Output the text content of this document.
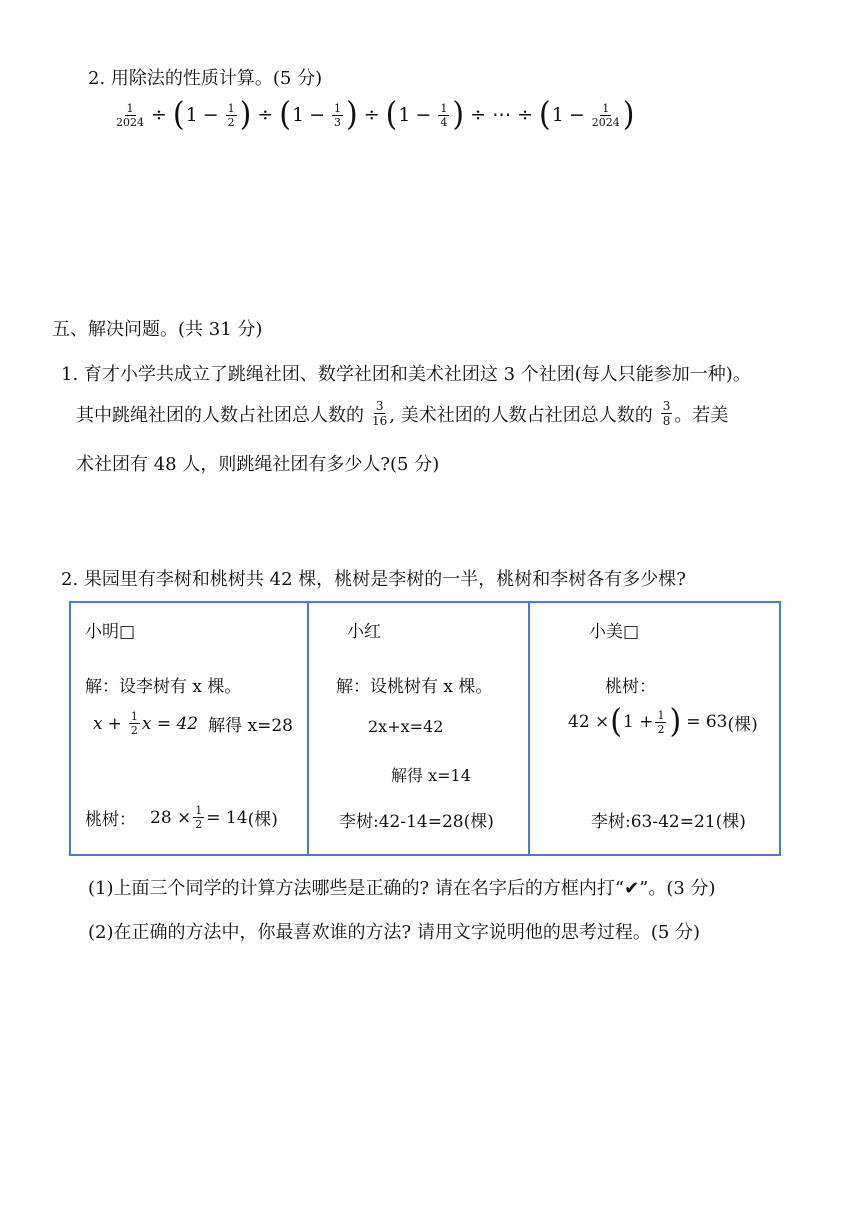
2. 用除法的性质计算。(5 分)
$\frac{1}{2024}$ ÷ ( $1 - \frac{1}{2}$ ) ÷ ( $1 - \frac{1}{3}$ ) ÷ ( $1 - \frac{1}{4}$ ) ÷ ⋯ ÷ ( $1 - \frac{1}{2024}$ )
五、解决问题。(共 31 分)
1. 育才小学共成立了跳绳社团、数学社团和美术社团这 3 个社团(每人只能参加一种)。
其中跳绳社团的人数占社团总人数的 $\frac{3}{16}$ , 美术社团的人数占社团总人数的 $\frac{3}{8}$ 。若美
术社团有 48 人，则跳绳社团有多少人?(5 分)
2. 果园里有李树和桃树共 42 棵，桃树是李树的一半，桃树和李树各有多少棵?
小明□
解：设李树有 x 棵。
$x + \frac{1}{2}$ x = 42 解得 x=28
桃树： $28 \times \frac{1}{2} = 14$ (棵)
小红
解：设桃树有 x 棵。
2x+x=42
解得 x=14
李树:42-14=28(棵)
小美□
桃树：
42 × ( $1 + \frac{1}{2}$ ) = 63 (棵)
李树:63-42=21(棵)
(1)上面三个同学的计算方法哪些是正确的? 请在名字后的方框内打“✔”。(3 分)
(2)在正确的方法中，你最喜欢谁的方法? 请用文字说明他的思考过程。(5 分)
